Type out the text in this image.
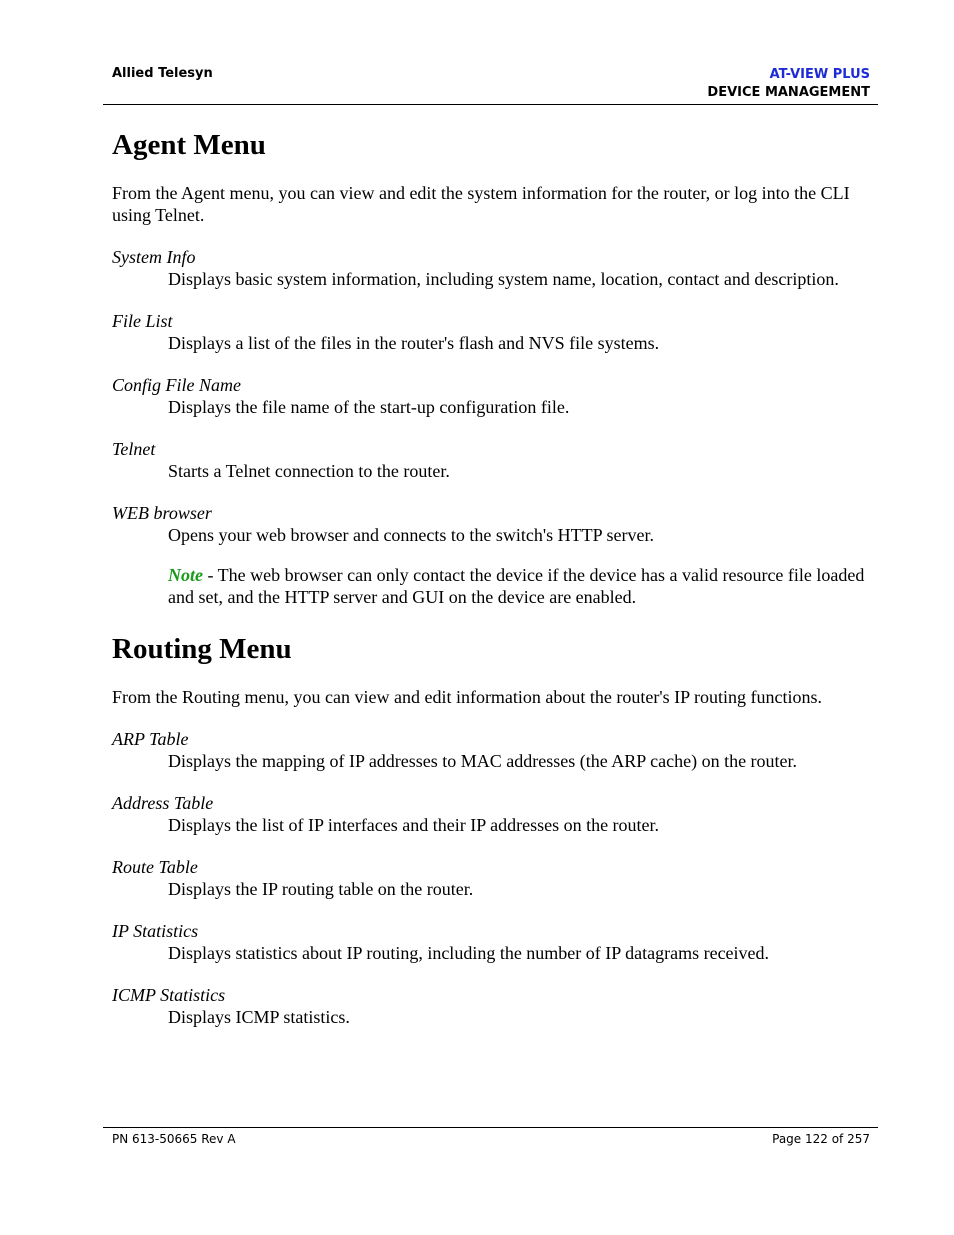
Allied Telesyn	AT-VIEW PLUS
DEVICE MANAGEMENT
Agent Menu

From the Agent menu, you can view and edit the system information for the router, or log into the CLI using Telnet.

System Info

Displays basic system information, including system name, location, contact and description.

File List

Displays a list of the files in the router's flash and NVS file systems.

Config File Name

Displays the file name of the start-up configuration file.

Telnet

Starts a Telnet connection to the router.

WEB browser

Opens your web browser and connects to the switch's HTTP server.

Note - The web browser can only contact the device if the device has a valid resource file loaded and set, and the HTTP server and GUI on the device are enabled.

Routing Menu

From the Routing menu, you can view and edit information about the router's IP routing functions.

ARP Table

Displays the mapping of IP addresses to MAC addresses (the ARP cache) on the router.

Address Table

Displays the list of IP interfaces and their IP addresses on the router.

Route Table

Displays the IP routing table on the router.

IP Statistics

Displays statistics about IP routing, including the number of IP datagrams received.

ICMP Statistics

Displays ICMP statistics.

PN 613-50665 Rev A	Page 122 of 257
